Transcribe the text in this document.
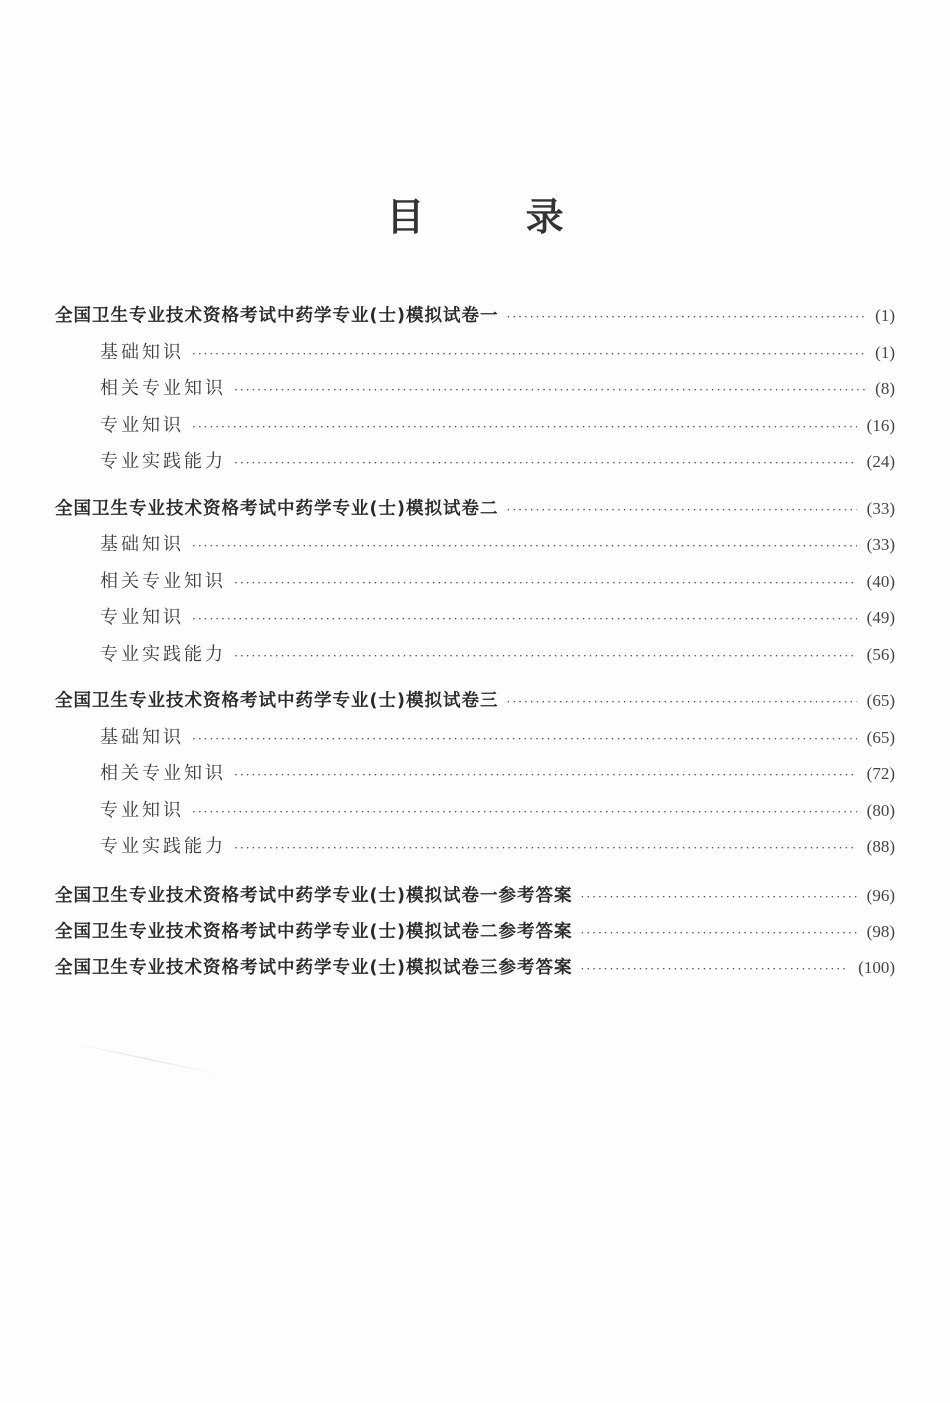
目 录
全国卫生专业技术资格考试中药学专业(士)模拟试卷一 ·····	(1)
基础知识 ·····	(1)
相关专业知识 ·····	(8)
专业知识 ·····	(16)
专业实践能力 ·····	(24)
全国卫生专业技术资格考试中药学专业(士)模拟试卷二 ·····	(33)
基础知识 ·····	(33)
相关专业知识 ·····	(40)
专业知识 ·····	(49)
专业实践能力 ·····	(56)
全国卫生专业技术资格考试中药学专业(士)模拟试卷三 ·····	(65)
基础知识 ·····	(65)
相关专业知识 ·····	(72)
专业知识 ·····	(80)
专业实践能力 ·····	(88)
全国卫生专业技术资格考试中药学专业(士)模拟试卷一参考答案 ·····	(96)
全国卫生专业技术资格考试中药学专业(士)模拟试卷二参考答案 ·····	(98)
全国卫生专业技术资格考试中药学专业(士)模拟试卷三参考答案 ·····	(100)
